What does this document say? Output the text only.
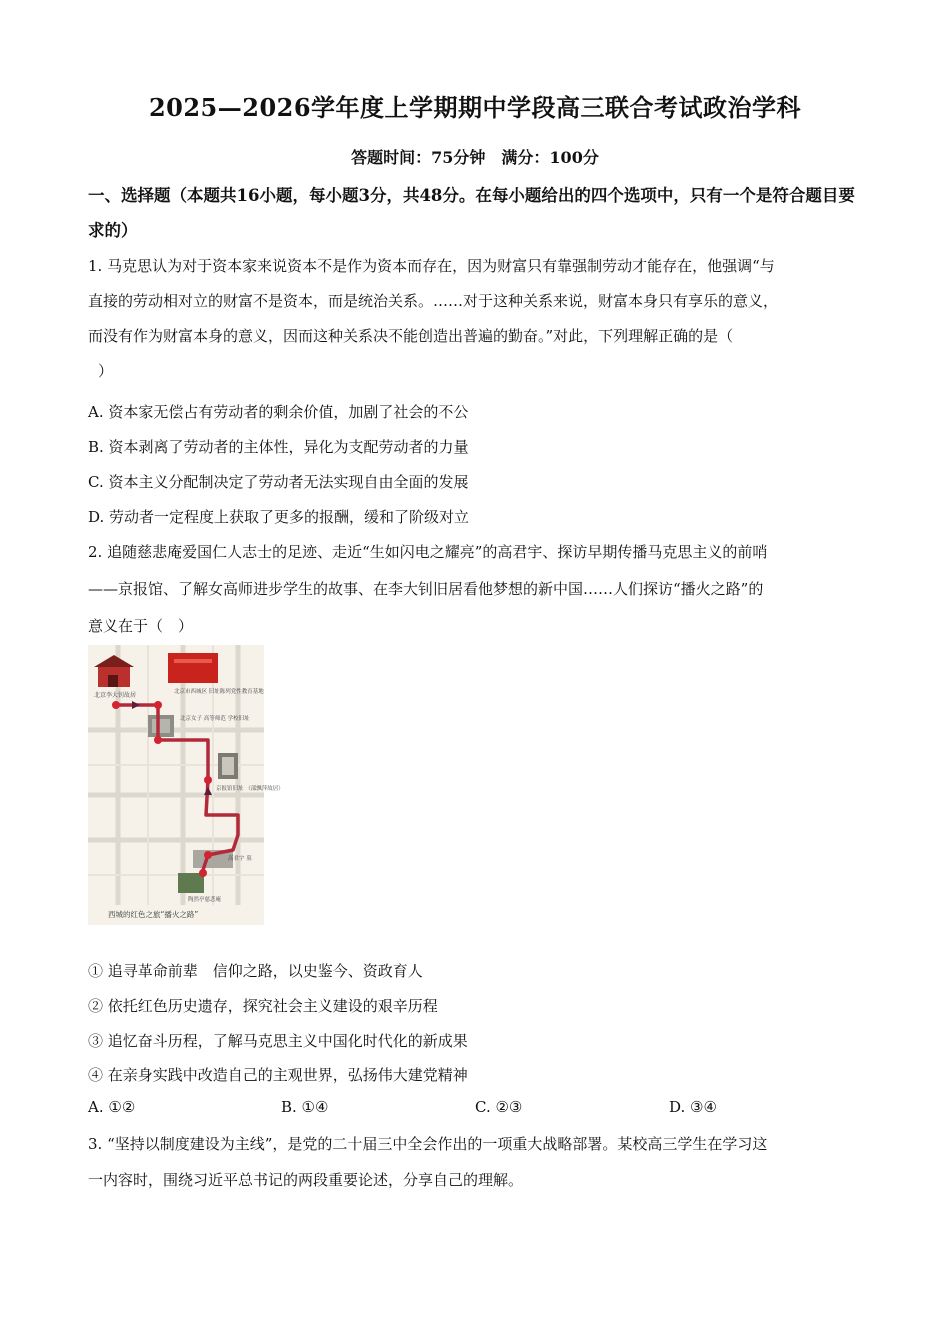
2025—2026学年度上学期期中学段高三联合考试政治学科
答题时间：75分钟　满分：100分
一、选择题（本题共16小题，每小题3分，共48分。在每小题给出的四个选项中，只有一个是符合题目要求的）
1. 马克思认为对于资本家来说资本不是作为资本而存在，因为财富只有靠强制劳动才能存在，他强调“与
直接的劳动相对立的财富不是资本，而是统治关系。……对于这种关系来说，财富本身只有享乐的意义，
而没有作为财富本身的意义，因而这种关系决不能创造出普遍的勤奋。”对此，下列理解正确的是（
）
A. 资本家无偿占有劳动者的剩余价值，加剧了社会的不公
B. 资本剥离了劳动者的主体性，异化为支配劳动者的力量
C. 资本主义分配制决定了劳动者无法实现自由全面的发展
D. 劳动者一定程度上获取了更多的报酬，缓和了阶级对立
2. 追随慈悲庵爱国仁人志士的足迹、走近“生如闪电之耀亮”的高君宇、探访早期传播马克思主义的前哨
——京报馆、了解女高师进步学生的故事、在李大钊旧居看他梦想的新中国……人们探访“播火之路”的
意义在于（　）
北京李大钊故居	北京市西城区 旧址陈列党性教育基地
北京女子 高等师范 学校旧址
京报馆旧址 （邵飘萍故居）
高君宇 墓
陶然亭慈悲庵
西城的红色之旅“播火之路”
① 追寻革命前辈　信仰之路，以史鉴今、资政育人
② 依托红色历史遗存，探究社会主义建设的艰辛历程
③ 追忆奋斗历程，了解马克思主义中国化时代化的新成果
④ 在亲身实践中改造自己的主观世界，弘扬伟大建党精神
A. ①②	B. ①④	C. ②③	D. ③④
3. “坚持以制度建设为主线”，是党的二十届三中全会作出的一项重大战略部署。某校高三学生在学习这
一内容时，围绕习近平总书记的两段重要论述，分享自己的理解。
